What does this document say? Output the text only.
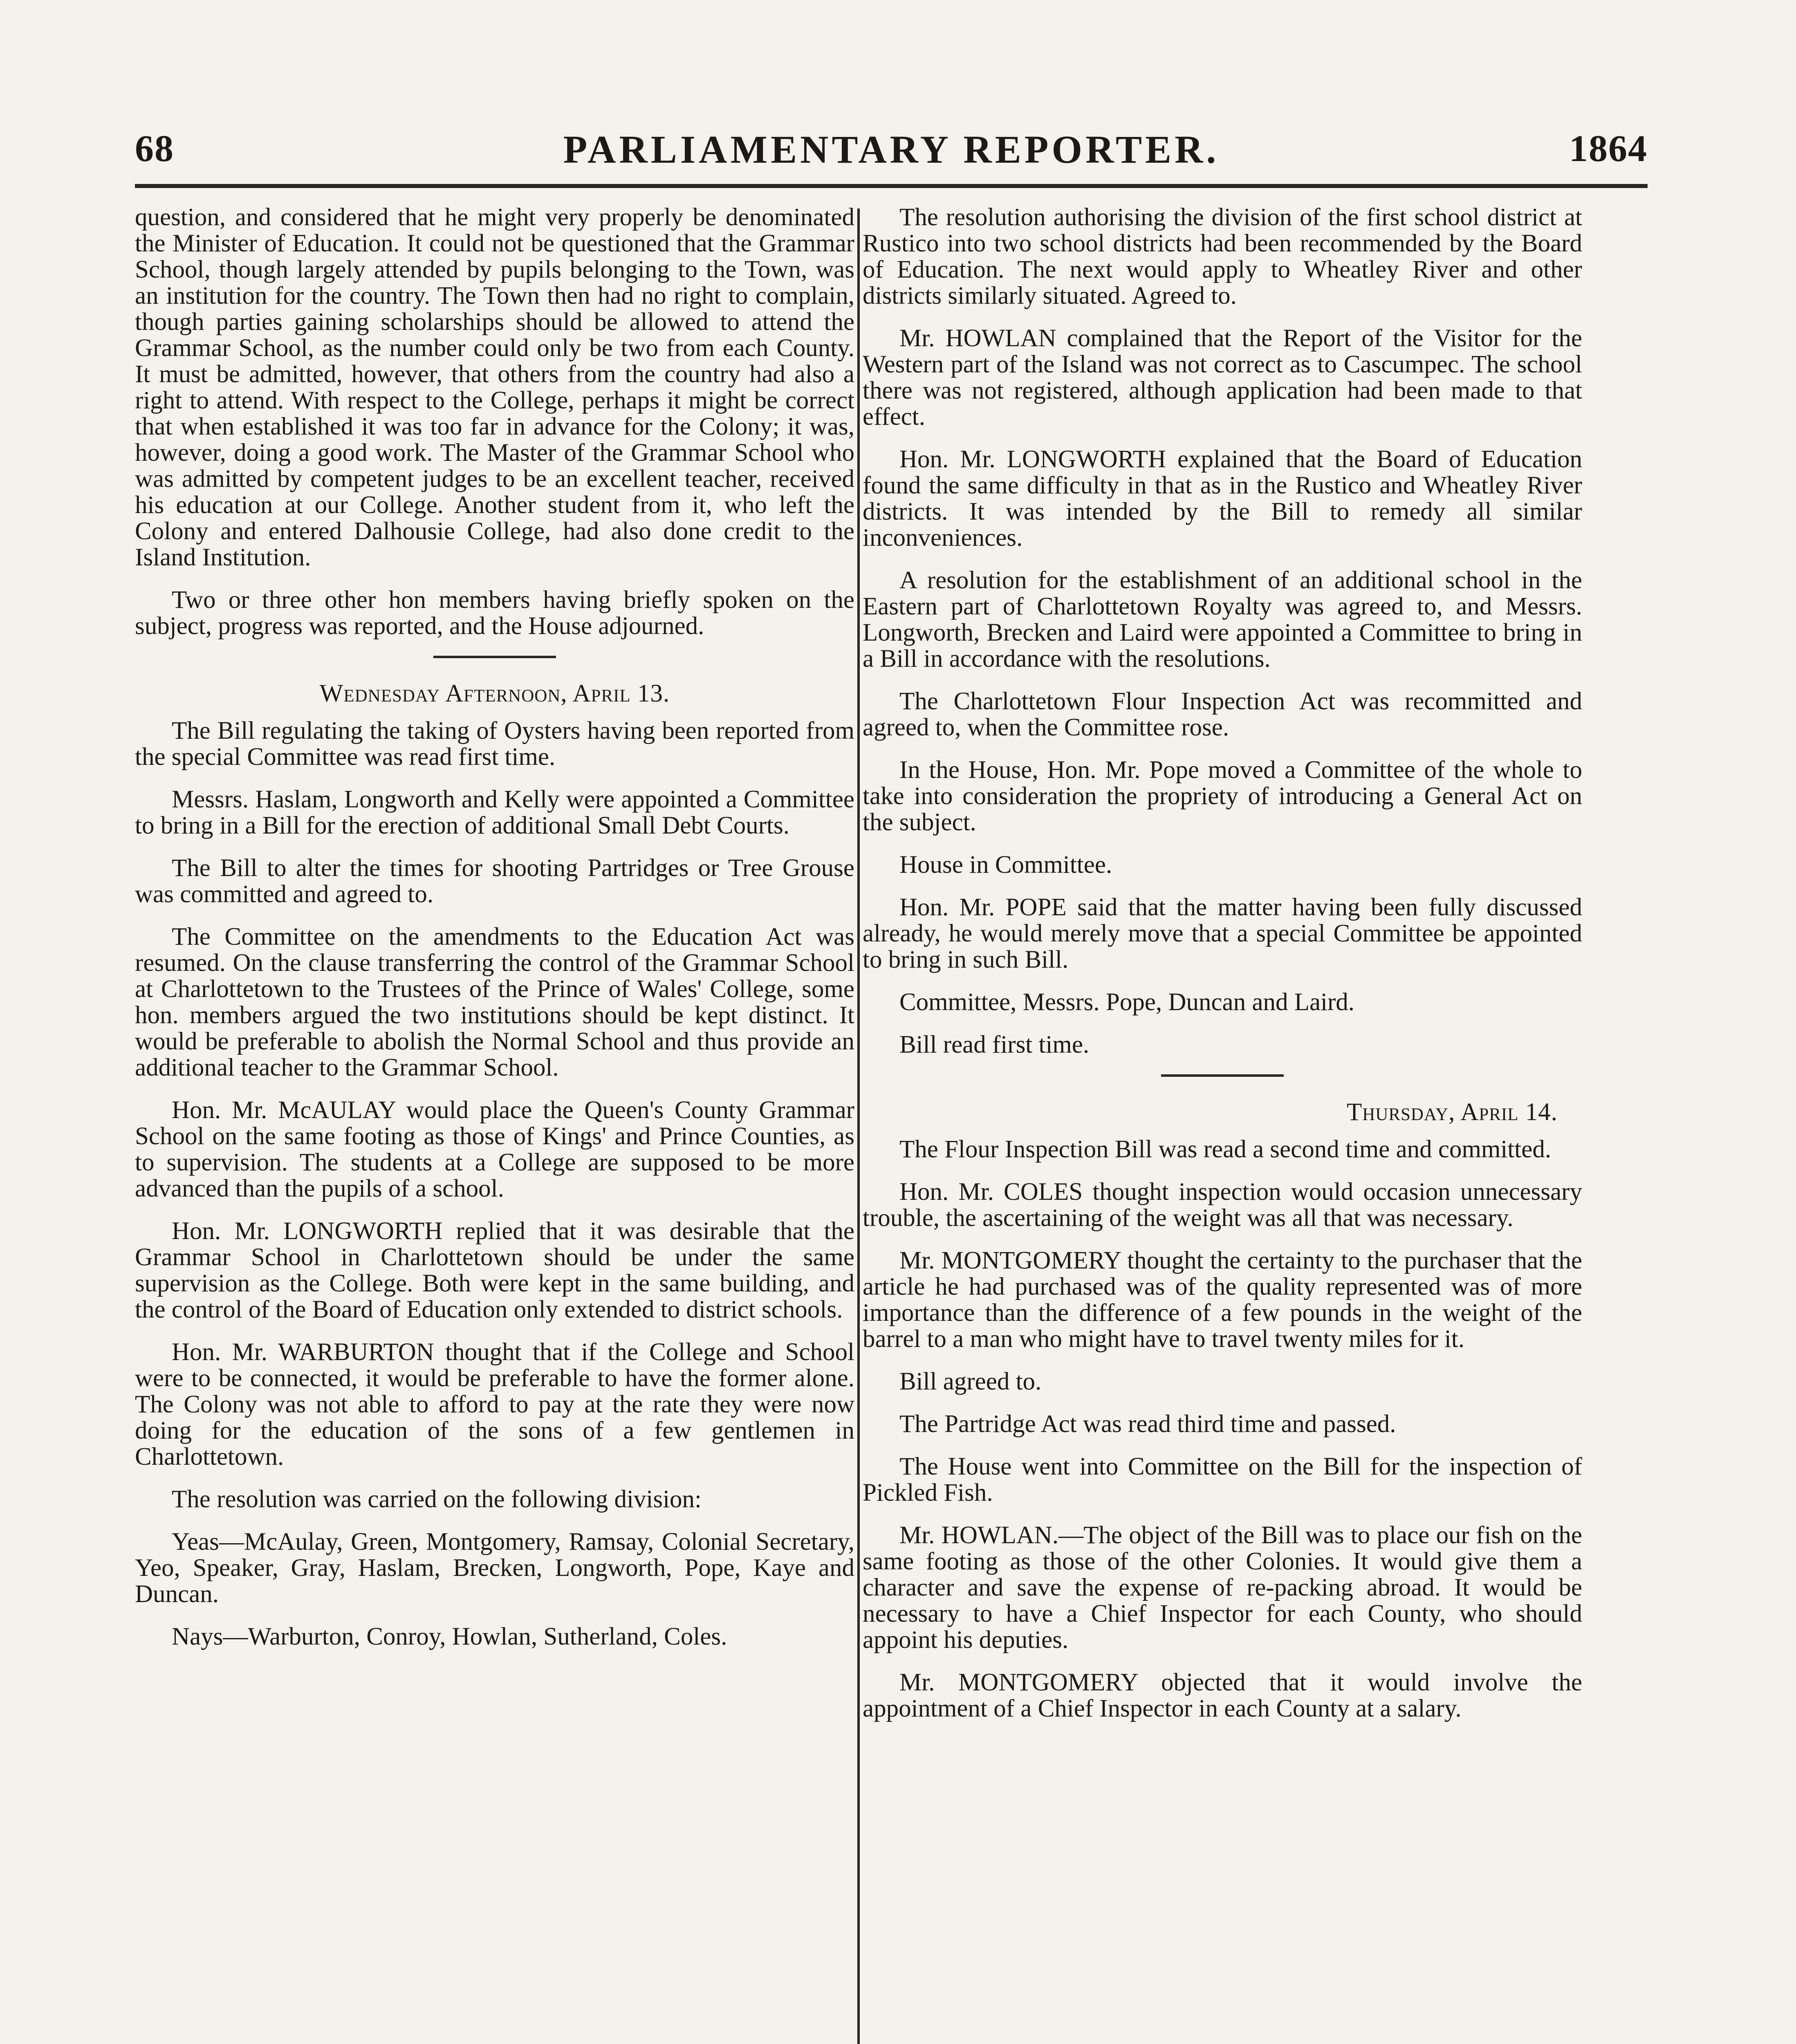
68	PARLIAMENTARY REPORTER.	1864

question, and considered that he might very properly be denominated the Minister of Education. It could not be questioned that the Grammar School, though largely attended by pupils belonging to the Town, was an institution for the country. The Town then had no right to complain, though parties gaining scholarships should be allowed to attend the Grammar School, as the number could only be two from each County. It must be admitted, however, that others from the country had also a right to attend. With respect to the College, perhaps it might be correct that when established it was too far in advance for the Colony; it was, however, doing a good work. The Master of the Grammar School who was admitted by competent judges to be an excellent teacher, received his education at our College. Another student from it, who left the Colony and entered Dalhousie College, had also done credit to the Island Institution.

Two or three other hon members having briefly spoken on the subject, progress was reported, and the House adjourned.

Wednesday Afternoon, April 13.

The Bill regulating the taking of Oysters having been reported from the special Committee was read first time.

Messrs. Haslam, Longworth and Kelly were appointed a Committee to bring in a Bill for the erection of additional Small Debt Courts.

The Bill to alter the times for shooting Partridges or Tree Grouse was committed and agreed to.

The Committee on the amendments to the Education Act was resumed. On the clause transferring the control of the Grammar School at Charlottetown to the Trustees of the Prince of Wales' College, some hon. members argued the two institutions should be kept distinct. It would be preferable to abolish the Normal School and thus provide an additional teacher to the Grammar School.

Hon. Mr. McAULAY would place the Queen's County Grammar School on the same footing as those of Kings' and Prince Counties, as to supervision. The students at a College are supposed to be more advanced than the pupils of a school.

Hon. Mr. LONGWORTH replied that it was desirable that the Grammar School in Charlottetown should be under the same supervision as the College. Both were kept in the same building, and the control of the Board of Education only extended to district schools.

Hon. Mr. WARBURTON thought that if the College and School were to be connected, it would be preferable to have the former alone. The Colony was not able to afford to pay at the rate they were now doing for the education of the sons of a few gentlemen in Charlottetown.

The resolution was carried on the following division:

Yeas—McAulay, Green, Montgomery, Ramsay, Colonial Secretary, Yeo, Speaker, Gray, Haslam, Brecken, Longworth, Pope, Kaye and Duncan.

Nays—Warburton, Conroy, Howlan, Sutherland, Coles.

The resolution authorising the division of the first school district at Rustico into two school districts had been recommended by the Board of Education. The next would apply to Wheatley River and other districts similarly situated. Agreed to.

Mr. HOWLAN complained that the Report of the Visitor for the Western part of the Island was not correct as to Cascumpec. The school there was not registered, although application had been made to that effect.

Hon. Mr. LONGWORTH explained that the Board of Education found the same difficulty in that as in the Rustico and Wheatley River districts. It was intended by the Bill to remedy all similar inconveniences.

A resolution for the establishment of an additional school in the Eastern part of Charlottetown Royalty was agreed to, and Messrs. Longworth, Brecken and Laird were appointed a Committee to bring in a Bill in accordance with the resolutions.

The Charlottetown Flour Inspection Act was recommitted and agreed to, when the Committee rose.

In the House, Hon. Mr. Pope moved a Committee of the whole to take into consideration the propriety of introducing a General Act on the subject.

House in Committee.

Hon. Mr. POPE said that the matter having been fully discussed already, he would merely move that a special Committee be appointed to bring in such Bill.

Committee, Messrs. Pope, Duncan and Laird.

Bill read first time.

Thursday, April 14.

The Flour Inspection Bill was read a second time and committed.

Hon. Mr. COLES thought inspection would occasion unnecessary trouble, the ascertaining of the weight was all that was necessary.

Mr. MONTGOMERY thought the certainty to the purchaser that the article he had purchased was of the quality represented was of more importance than the difference of a few pounds in the weight of the barrel to a man who might have to travel twenty miles for it.

Bill agreed to.

The Partridge Act was read third time and passed.

The House went into Committee on the Bill for the inspection of Pickled Fish.

Mr. HOWLAN.—The object of the Bill was to place our fish on the same footing as those of the other Colonies. It would give them a character and save the expense of re-packing abroad. It would be necessary to have a Chief Inspector for each County, who should appoint his deputies.

Mr. MONTGOMERY objected that it would involve the appointment of a Chief Inspector in each County at a salary.
